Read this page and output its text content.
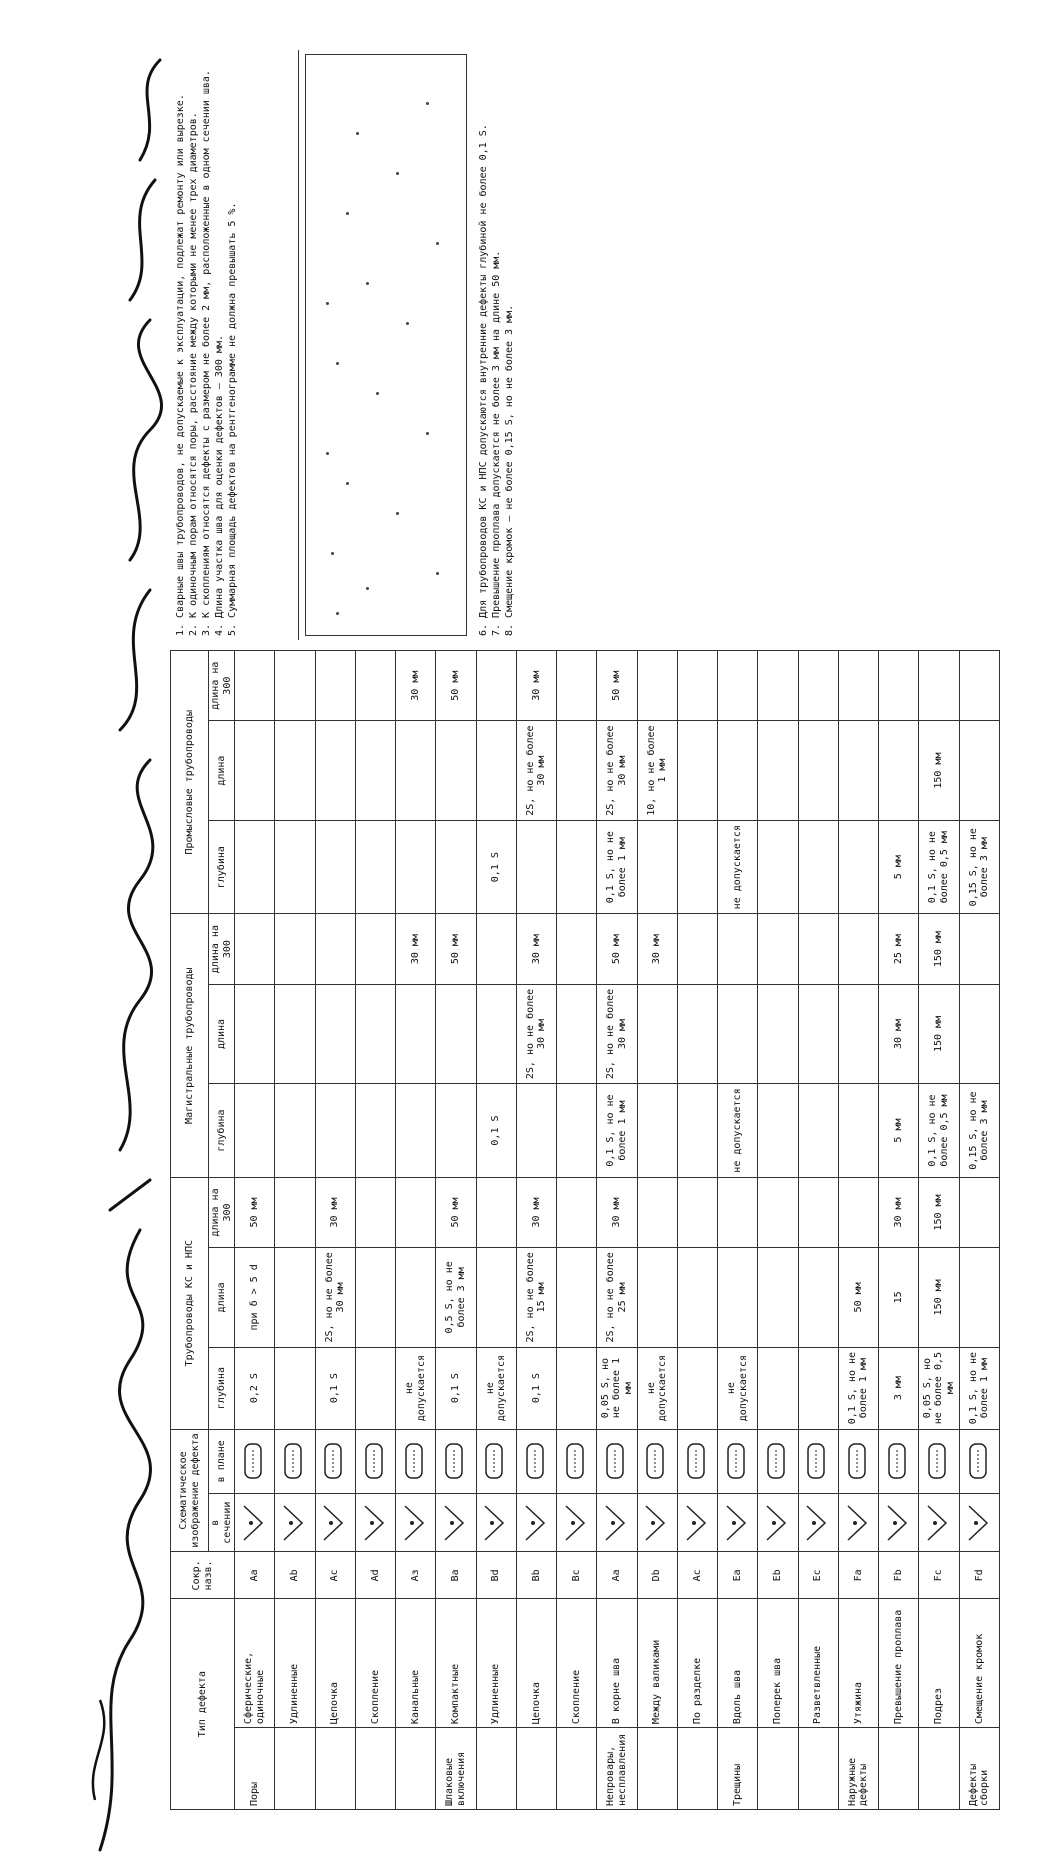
Тип дефекта		Сокр. назв.	Схематическое изображение дефекта		Трубопроводы КС и НПС			Магистральные трубопроводы			Промысловые трубопроводы		
			в сечении	в плане	глубина	длина	длина на 300	глубина	длина	длина на 300	глубина	длина	длина на 300
Поры	Сферические, одиночные	Аа			0,2 S	при δ > 5 d	50 мм						
	Удлиненные	Аb											
	Цепочка	Ас			0,1 S	2S, но не более 30 мм	30 мм						
	Скопление	Ad											
	Канальные	Аз			не допускается					30 мм			30 мм
Шлаковые включения	Компактные	Ва			0,1 S	0,5 S, но не более 3 мм	50 мм			50 мм			50 мм
	Удлиненные	Bd			не допускается			0,1 S			0,1 S		
	Цепочка	Bb			0,1 S	2S, но не более 15 мм	30 мм		2S, но не более 30 мм	30 мм		2S, но не более 30 мм	30 мм
	Скопление	Вс											
Непровары, несплавления	В корне шва	Аа			0,05 S, но не более 1 мм	2S, но не более 25 мм	30 мм	0,1 S, но не более 1 мм	2S, но не более 30 мм	50 мм	0,1 S, но не более 1 мм	2S, но не более 30 мм	50 мм
	Между валиками	Db			не допускается					30 мм		10, но не более 1 мм	
	По разделке	Ас											
Трещины	Вдоль шва	Еа			не допускается			не допускается			не допускается		
	Поперек шва	Eb											
	Разветвленные	Ес											
Наружные дефекты	Утяжина	Fa			0,1 S, но не более 1 мм	50 мм							
	Превышение проплава	Fb			3 мм	15	30 мм	5 мм	30 мм	25 мм	5 мм		
	Подрез	Fc			0,05 S, но не более 0,5 мм	150 мм	150 мм	0,1 S, но не более 0,5 мм	150 мм	150 мм	0,1 S, но не более 0,5 мм	150 мм	
Дефекты сборки	Смещение кромок	Fd			0,1 S, но не более 1 мм			0,15 S, но не более 3 мм			0,15 S, но не более 3 мм		
1. Сварные швы трубопроводов, не допускаемые к эксплуатации, подлежат ремонту или вырезке. 2. К одиночным порам относятся поры, расстояние между которыми не менее трех диаметров. 3. К скоплениям относятся дефекты с размером не более 2 мм, расположенные в одном сечении шва. 4. Длина участка шва для оценки дефектов — 300 мм. 5. Суммарная площадь дефектов на рентгенограмме не должна превышать 5 %.	6. Для трубопроводов КС и НПС допускаются внутренние дефекты глубиной не более 0,1 S. 7. Превышение проплава допускается не более 3 мм на длине 50 мм. 8. Смещение кромок — не более 0,15 S, но не более 3 мм.
